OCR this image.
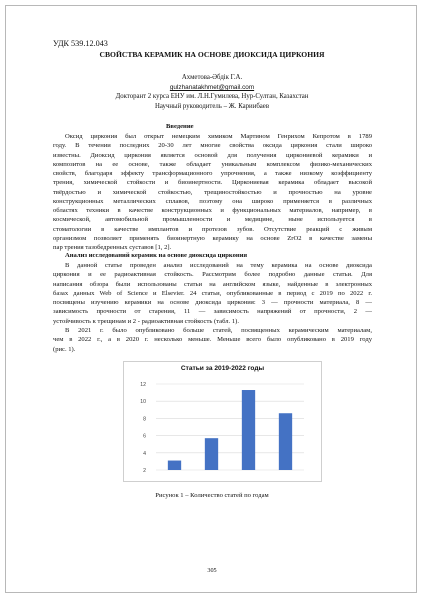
УДК 539.12.043
СВОЙСТВА КЕРАМИК НА ОСНОВЕ ДИОКСИДА ЦИРКОНИЯ
Ахметова-Әбдік Г.А.
gulzhanatakhmet@gmail.com
Докторант 2 курса ЕНУ им. Л.Н.Гумилева, Нур-Султан, Казахстан
Научный руководитель – Ж. Кариибаев
Введение
Оксид циркония был открыт немецким химиком Мартином Генрихом Кепротом в 1789
году. В течении последних 20-30 лет многие свойства оксида циркония стали широко
известны. Диоксид циркония является основой для получения циркониевой керамики и
композитов на ее основе, также обладает уникальным комплексом физико-механических
свойств, благодаря эффекту трансформационного упрочнения, а также низкому коэффициенту
трения, химической стойкости и биоинертности. Циркониевая керамика обладает высокой
твёрдостью и химической стойкостью, трещиностойкостью и прочностью на уровне
конструкционных металлических сплавов, поэтому она широко применяется в различных
областях техники в качестве конструкционных и функциональных материалов, например, в
космической, автомобильной промышленности и медицине, ныне используется в
стоматологии в качестве имплантов и протезов зубов. Отсутствие реакций с живым
организмом позволяет применять биоинертную керамику на основе ZrO2 в качестве замены
пар трения тазобедренных суставов [1, 2].
Анализ исследований керамик на основе диоксида циркония
В данной статье проведен анализ исследований на тему керамика на основе диоксида
циркония и ее радиоактивная стойкость. Рассмотрим более подробно данные статьи. Для
написания обзора были использованы статьи на английском языке, найденные в электронных
базах данных Web of Science и Elsevier. 24 статьи, опубликованные в период с 2019 по 2022 г.
посвящены изучению керамики на основе диоксида циркония: 3 — прочности материала, 8 —
зависимость прочности от старения, 11 — зависимость напряжений от прочности, 2 —
устойчивость к трещинам и 2 - радиоактивная стойкость (табл. 1).
В 2021 г. было опубликовано больше статей, посвященных керамическим материалам,
чем в 2022 г., а в 2020 г. несколько меньше. Меньше всего было опубликовано в 2019 году
(рис. 1).
Статьи за 2019-2022 годы
12
10
8
6
4
2
Рисунок 1 – Количество статей по годам
305
